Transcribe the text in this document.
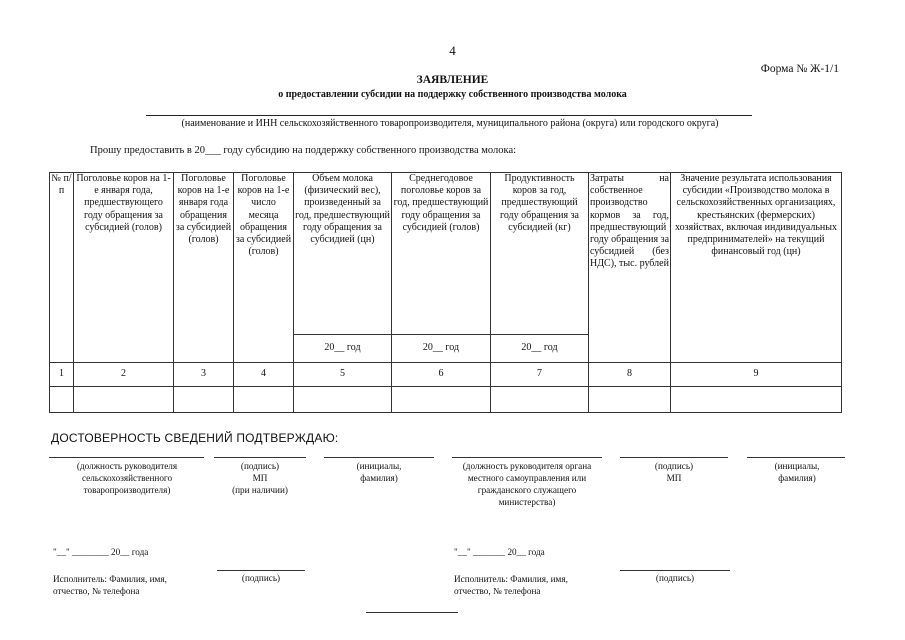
4
Форма № Ж-1/1
ЗАЯВЛЕНИЕ
о предоставлении субсидии на поддержку собственного производства молока
(наименование и ИНН сельскохозяйственного товаропроизводителя, муниципального района (округа) или городского округа)
Прошу предоставить в 20___ году субсидию на поддержку собственного производства молока:
№ п/п	Поголовье коров на 1-е января года, предшествующего году обращения за субсидией (голов)	Поголовье коров на 1-е января года обращения за субсидией (голов)	Поголовье коров на 1-е число месяца обращения за субсидией (голов)	Объем молока (физический вес), произведенный за год, предшествующий году обращения за субсидией (цн)	Среднегодовое поголовье коров за год, предшествующий году обращения за субсидией (голов)	Продуктивность коров за год, предшествующий году обращения за субсидией (кг)	Затраты на собственное производство кормов за год, предшествующий году обращения за субсидией (без НДС), тыс. рублей	Значение результата использования субсидии «Производство молока в сельскохозяйственных организациях, крестьянских (фермерских) хозяйствах, включая индивидуальных предпринимателей» на текущий финансовый год (цн)
				20__ год	20__ год	20__ год		
1	2	3	4	5	6	7	8	9

ДОСТОВЕРНОСТЬ СВЕДЕНИЙ ПОДТВЕРЖДАЮ:
(должность руководителя сельскохозяйственного товаропроизводителя)
(подпись)
МП
(при наличии)
(инициалы, фамилия)
(должность руководителя органа местного самоуправления или гражданского служащего министерства)
(подпись)
МП
(инициалы, фамилия)
"__" ________ 20__ года	"__" _______ 20__ года
Исполнитель: Фамилия, имя, отчество, № телефона
(подпись)	Исполнитель: Фамилия, имя, отчество, № телефона
(подпись)
